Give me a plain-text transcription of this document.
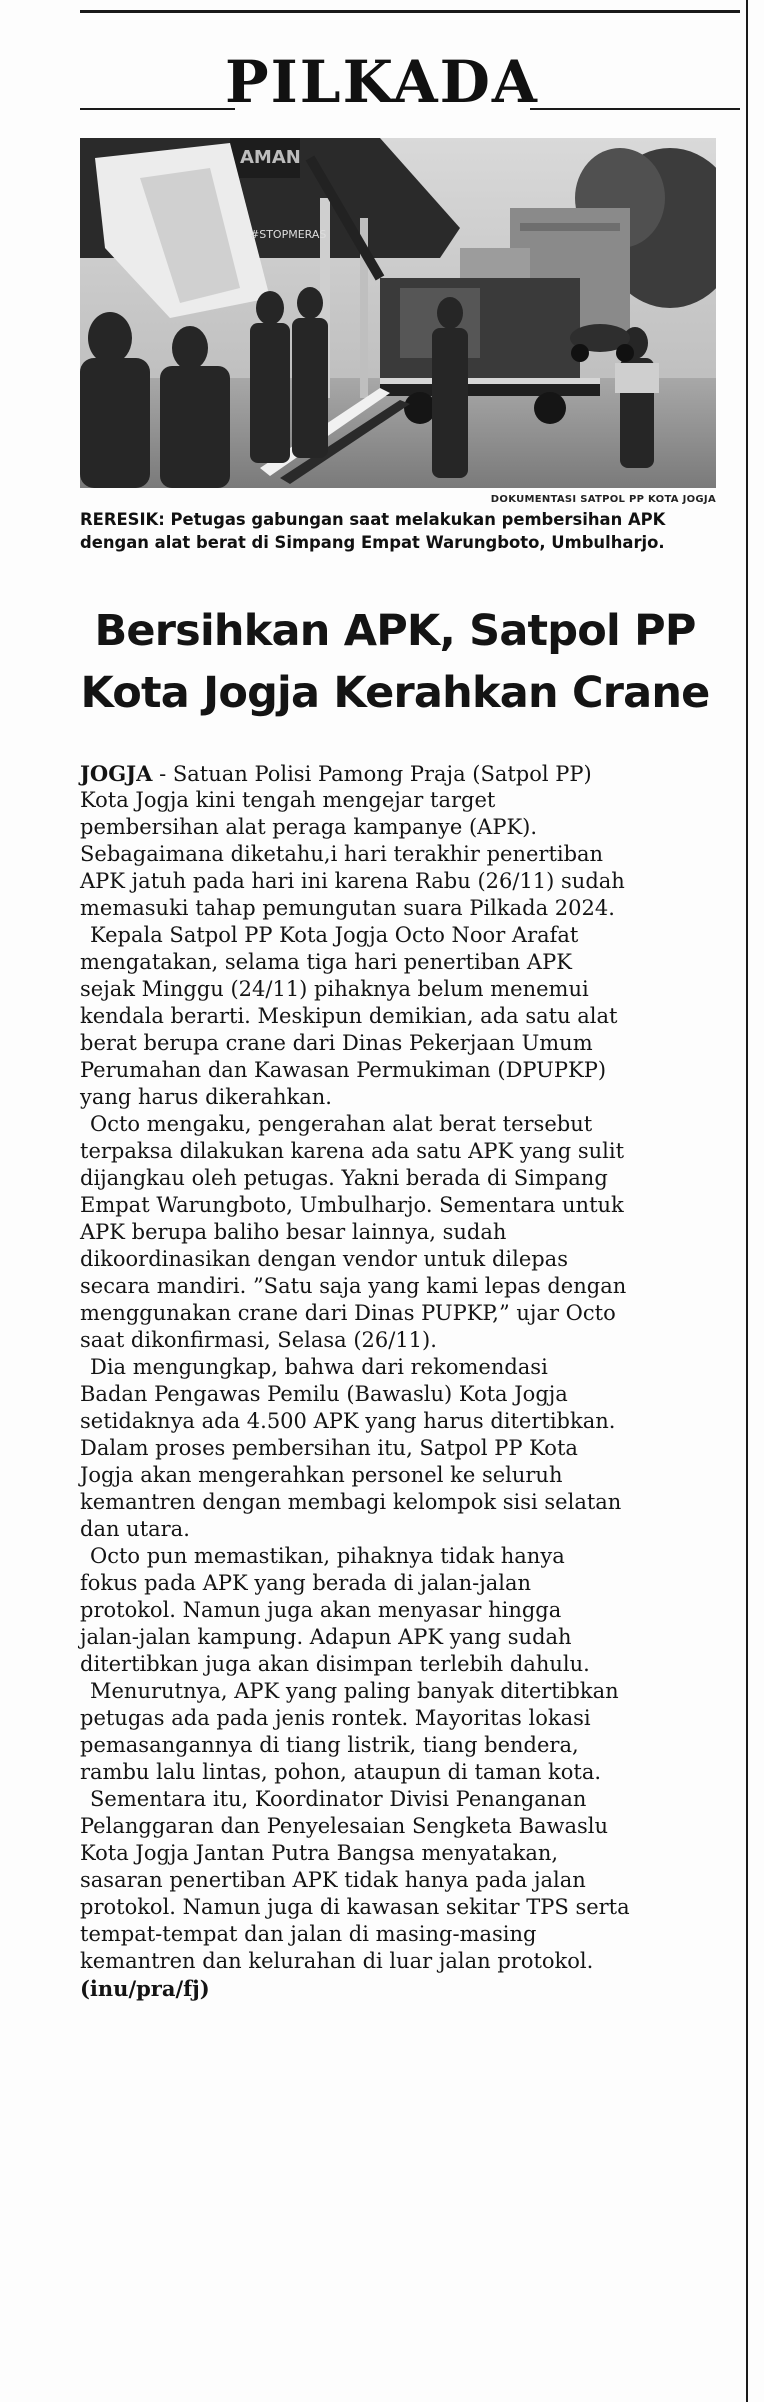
PILKADA
AMAN
#STOPMERAS
DOKUMENTASI SATPOL PP KOTA JOGJA
RERESIK: Petugas gabungan saat melakukan pembersihan APK dengan alat berat di Simpang Empat Warungboto, Umbulharjo.
Bersihkan APK, Satpol PP
Kota Jogja Kerahkan Crane

JOGJA - Satuan Polisi Pamong Praja (Satpol PP)
Kota Jogja kini tengah mengejar target
pembersihan alat peraga kampanye (APK).
Sebagaimana diketahu,i hari terakhir penertiban
APK jatuh pada hari ini karena Rabu (26/11) sudah
memasuki tahap pemungutan suara Pilkada 2024.

Kepala Satpol PP Kota Jogja Octo Noor Arafat
mengatakan, selama tiga hari penertiban APK
sejak Minggu (24/11) pihaknya belum menemui
kendala berarti. Meskipun demikian, ada satu alat
berat berupa crane dari Dinas Pekerjaan Umum
Perumahan dan Kawasan Permukiman (DPUPKP)
yang harus dikerahkan.

Octo mengaku, pengerahan alat berat tersebut
terpaksa dilakukan karena ada satu APK yang sulit
dijangkau oleh petugas. Yakni berada di Simpang
Empat Warungboto, Umbulharjo. Sementara untuk
APK berupa baliho besar lainnya, sudah
dikoordinasikan dengan vendor untuk dilepas
secara mandiri. ”Satu saja yang kami lepas dengan
menggunakan crane dari Dinas PUPKP,” ujar Octo
saat dikonfirmasi, Selasa (26/11).

Dia mengungkap, bahwa dari rekomendasi
Badan Pengawas Pemilu (Bawaslu) Kota Jogja
setidaknya ada 4.500 APK yang harus ditertibkan.
Dalam proses pembersihan itu, Satpol PP Kota
Jogja akan mengerahkan personel ke seluruh
kemantren dengan membagi kelompok sisi selatan
dan utara.

Octo pun memastikan, pihaknya tidak hanya
fokus pada APK yang berada di jalan-jalan
protokol. Namun juga akan menyasar hingga
jalan-jalan kampung. Adapun APK yang sudah
ditertibkan juga akan disimpan terlebih dahulu.

Menurutnya, APK yang paling banyak ditertibkan
petugas ada pada jenis rontek. Mayoritas lokasi
pemasangannya di tiang listrik, tiang bendera,
rambu lalu lintas, pohon, ataupun di taman kota.

Sementara itu, Koordinator Divisi Penanganan
Pelanggaran dan Penyelesaian Sengketa Bawaslu
Kota Jogja Jantan Putra Bangsa menyatakan,
sasaran penertiban APK tidak hanya pada jalan
protokol. Namun juga di kawasan sekitar TPS serta
tempat-tempat dan jalan di masing-masing
kemantren dan kelurahan di luar jalan protokol.

(inu/pra/fj)
